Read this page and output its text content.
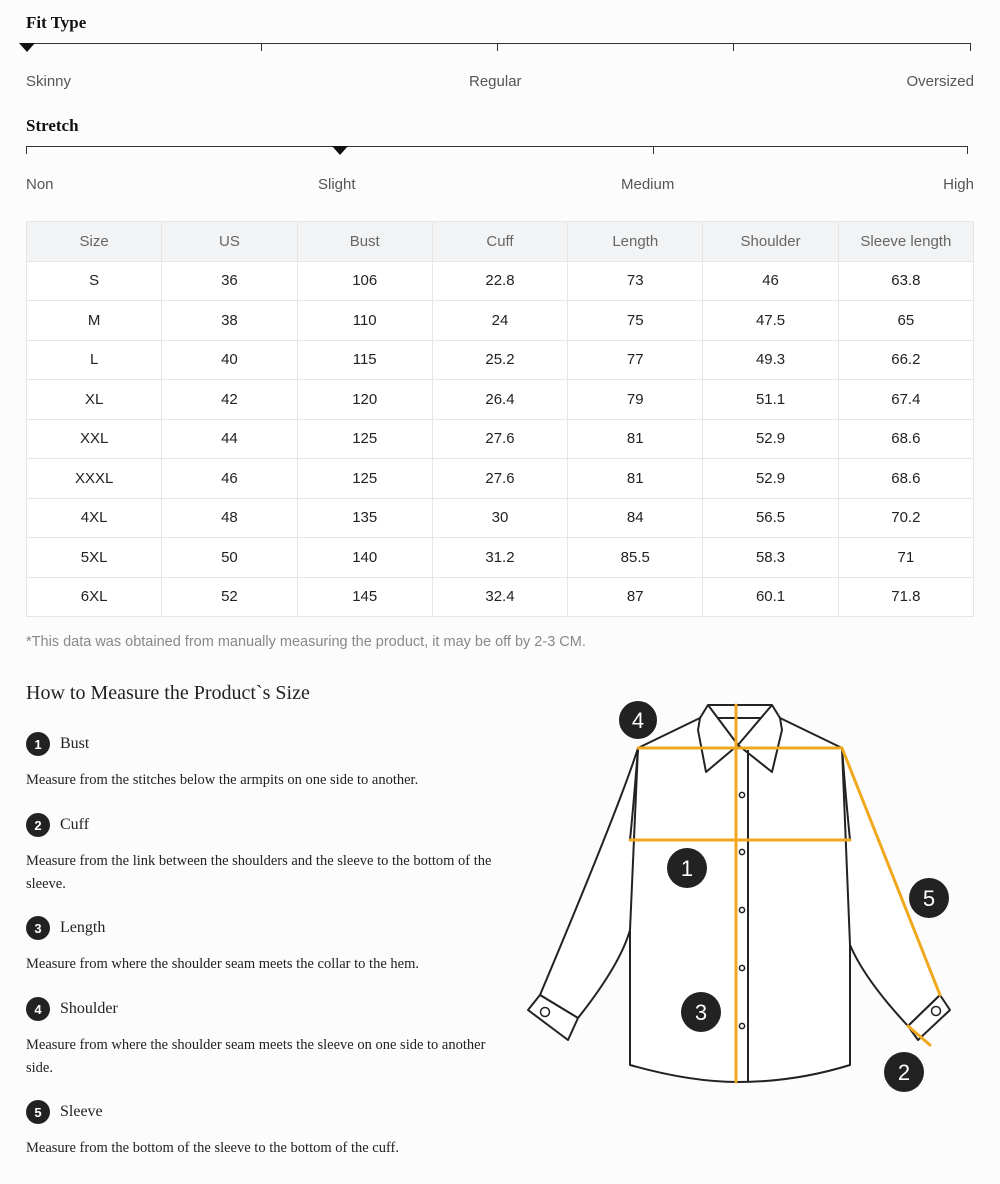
Fit Type
Skinny	Regular	Oversized
Stretch
Non	Slight	Medium	High
Size	US	Bust	Cuff	Length	Shoulder	Sleeve length
S	36	106	22.8	73	46	63.8
M	38	110	24	75	47.5	65
L	40	115	25.2	77	49.3	66.2
XL	42	120	26.4	79	51.1	67.4
XXL	44	125	27.6	81	52.9	68.6
XXXL	46	125	27.6	81	52.9	68.6
4XL	48	135	30	84	56.5	70.2
5XL	50	140	31.2	85.5	58.3	71
6XL	52	145	32.4	87	60.1	71.8
*This data was obtained from manually measuring the product, it may be off by 2-3 CM.
How to Measure the Product`s Size
1	Bust
Measure from the stitches below the armpits on one side to another.
2	Cuff
Measure from the link between the shoulders and the sleeve to the bottom of the sleeve.
3	Length
Measure from where the shoulder seam meets the collar to the hem.
4	Shoulder
Measure from where the shoulder seam meets the sleeve on one side to another side.
5	Sleeve
Measure from the bottom of the sleeve to the bottom of the cuff.
4
1
3
5
2
